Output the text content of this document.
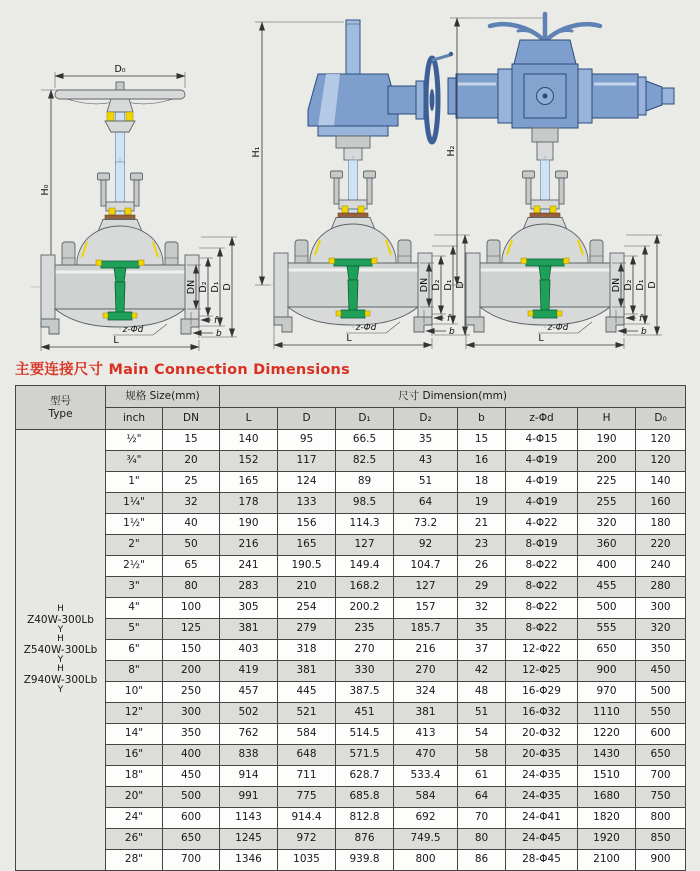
D₀
H₀
H₁	H₂
主要连接尺寸 Main Connection Dimensions
型号
Type	规格 Size(mm)		尺寸 Dimension(mm)							
	inch	DN	L	D	D₁	D₂	b	z-Φd	H	D₀

H
Z40W-300Lb
Y
H
Z540W-300Lb
Y
H
Z940W-300Lb
Y
	½"	15	140	95	66.5	35	15	4-Φ15	190	120
	¾"	20	152	117	82.5	43	16	4-Φ19	200	120
	1"	25	165	124	89	51	18	4-Φ19	225	140
	1¼"	32	178	133	98.5	64	19	4-Φ19	255	160
	1½"	40	190	156	114.3	73.2	21	4-Φ22	320	180
	2"	50	216	165	127	92	23	8-Φ19	360	220
	2½"	65	241	190.5	149.4	104.7	26	8-Φ22	400	240
	3"	80	283	210	168.2	127	29	8-Φ22	455	280
	4"	100	305	254	200.2	157	32	8-Φ22	500	300
	5"	125	381	279	235	185.7	35	8-Φ22	555	320
	6"	150	403	318	270	216	37	12-Φ22	650	350
	8"	200	419	381	330	270	42	12-Φ25	900	450
	10"	250	457	445	387.5	324	48	16-Φ29	970	500
	12"	300	502	521	451	381	51	16-Φ32	1110	550
	14"	350	762	584	514.5	413	54	20-Φ32	1220	600
	16"	400	838	648	571.5	470	58	20-Φ35	1430	650
	18"	450	914	711	628.7	533.4	61	24-Φ35	1510	700
	20"	500	991	775	685.8	584	64	24-Φ35	1680	750
	24"	600	1143	914.4	812.8	692	70	24-Φ41	1820	800
	26"	650	1245	972	876	749.5	80	24-Φ45	1920	850
	28"	700	1346	1035	939.8	800	86	28-Φ45	2100	900
